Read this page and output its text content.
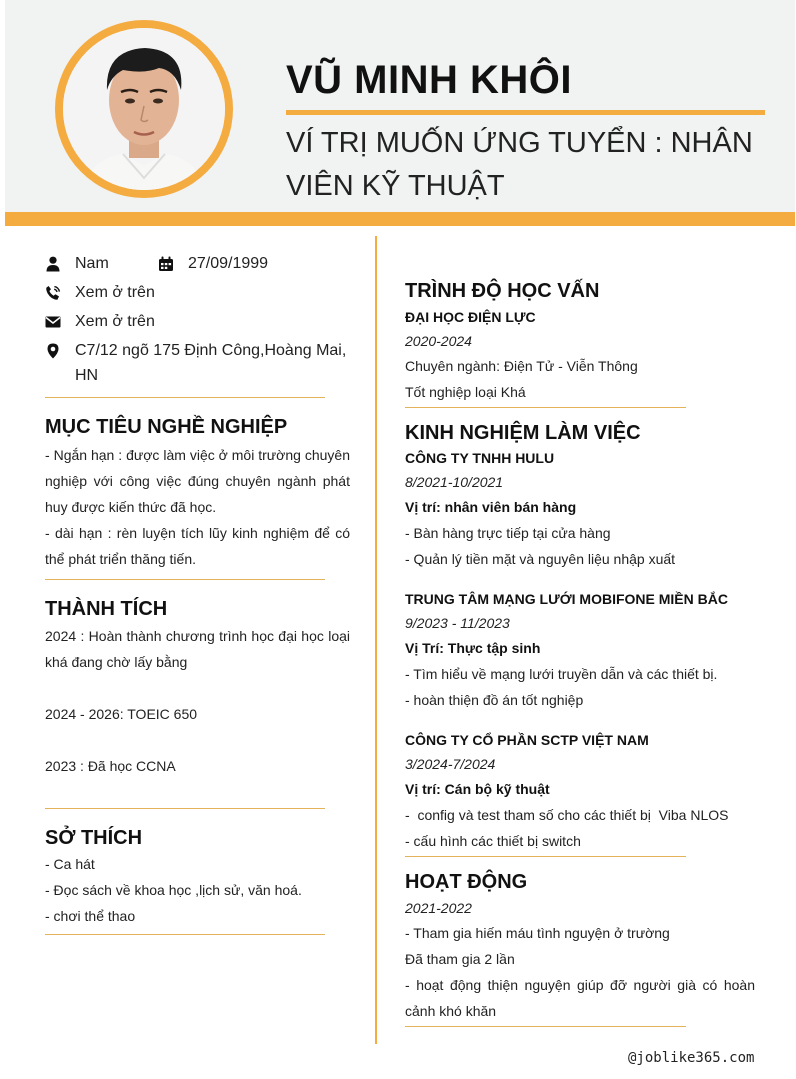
VŨ MINH KHÔI
VÍ TRỊ MUỐN ỨNG TUYỂN : NHÂN VIÊN KỸ THUẬT
Nam	27/09/1999
Xem ở trên
Xem ở trên
C7/12 ngõ 175 Định Công,Hoàng Mai, HN
MỤC TIÊU NGHỀ NGHIỆP
- Ngắn hạn : được làm việc ở môi trường chuyên nghiệp với công việc đúng chuyên ngành phát huy được kiến thức đã học.
- dài hạn : rèn luyện tích lũy kinh nghiệm để có thể phát triển thăng tiến.
THÀNH TÍCH
2024 : Hoàn thành chương trình học đại học loại khá đang chờ lấy bằng
2024 - 2026: TOEIC 650
2023 : Đã học CCNA
SỞ THÍCH
- Ca hát
- Đọc sách về khoa học ,lịch sử, văn hoá.
- chơi thể thao
TRÌNH ĐỘ HỌC VẤN
ĐẠI HỌC ĐIỆN LỰC
2020-2024
Chuyên ngành: Điện Tử - Viễn Thông
Tốt nghiệp loại Khá
KINH NGHIỆM LÀM VIỆC
CÔNG TY TNHH HULU
8/2021-10/2021
Vị trí: nhân viên bán hàng
- Bàn hàng trực tiếp tại cửa hàng
- Quản lý tiền mặt và nguyên liệu nhập xuất
TRUNG TÂM MẠNG LƯỚI MOBIFONE MIỀN BẮC
9/2023 - 11/2023
Vị Trí: Thực tập sinh
- Tìm hiểu về mạng lưới truyền dẫn và các thiết bị.
- hoàn thiện đồ án tốt nghiệp
CÔNG TY CỔ PHẦN SCTP VIỆT NAM
3/2024-7/2024
Vị trí: Cán bộ kỹ thuật
-  config và test tham số cho các thiết bị  Viba NLOS
- cấu hình các thiết bị switch
HOẠT ĐỘNG
2021-2022
- Tham gia hiến máu tình nguyện ở trường
Đã tham gia 2 lần
- hoạt động thiện nguyện giúp đỡ người già có hoàn cảnh khó khăn
@joblike365.com
